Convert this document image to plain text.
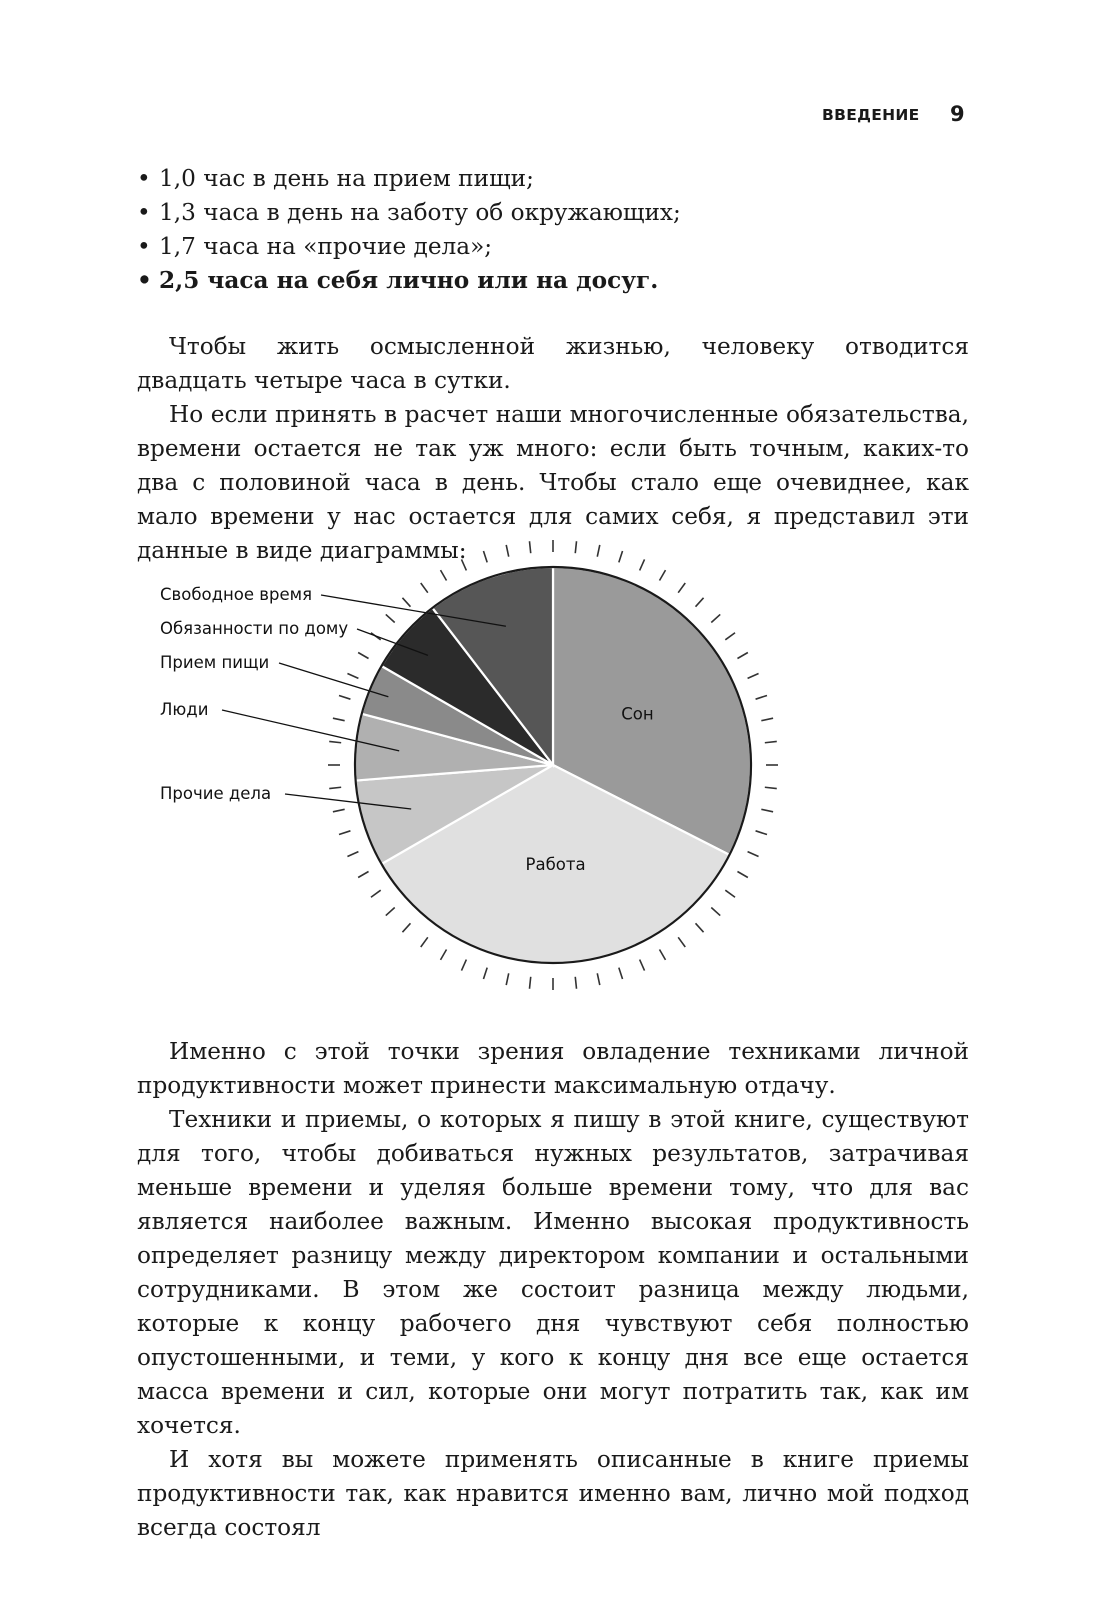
ВВЕДЕНИЕ 9
• 1,0 час в день на прием пищи;
• 1,3 часа в день на заботу об окружающих;
• 1,7 часа на «прочие дела»;
• 2,5 часа на себя лично или на досуг.

Чтобы жить осмысленной жизнью, человеку отводится двадцать четыре часа в сутки.

Но если принять в расчет наши многочисленные обязательства, времени остается не так уж много: если быть точным, каких-то два с половиной часа в день. Чтобы стало еще очевиднее, как мало времени у нас остается для самих себя, я представил эти данные в виде диаграммы:

Сон
Работа
Прочие дела
Люди
Прием пищи
Обязанности по дому
Свободное время

Именно с этой точки зрения овладение техниками личной продуктивности может принести максимальную отдачу.

Техники и приемы, о которых я пишу в этой книге, существуют для того, чтобы добиваться нужных результатов, затрачивая меньше времени и уделяя больше времени тому, что для вас является наиболее важным. Именно высокая продуктивность определяет разницу между директором компании и остальными сотрудниками. В этом же состоит разница между людьми, которые к концу рабочего дня чувствуют себя полностью опустошенными, и теми, у кого к концу дня все еще остается масса времени и сил, которые они могут потратить так, как им хочется.

И хотя вы можете применять описанные в книге приемы продуктивности так, как нравится именно вам, лично мой подход всегда состоял
